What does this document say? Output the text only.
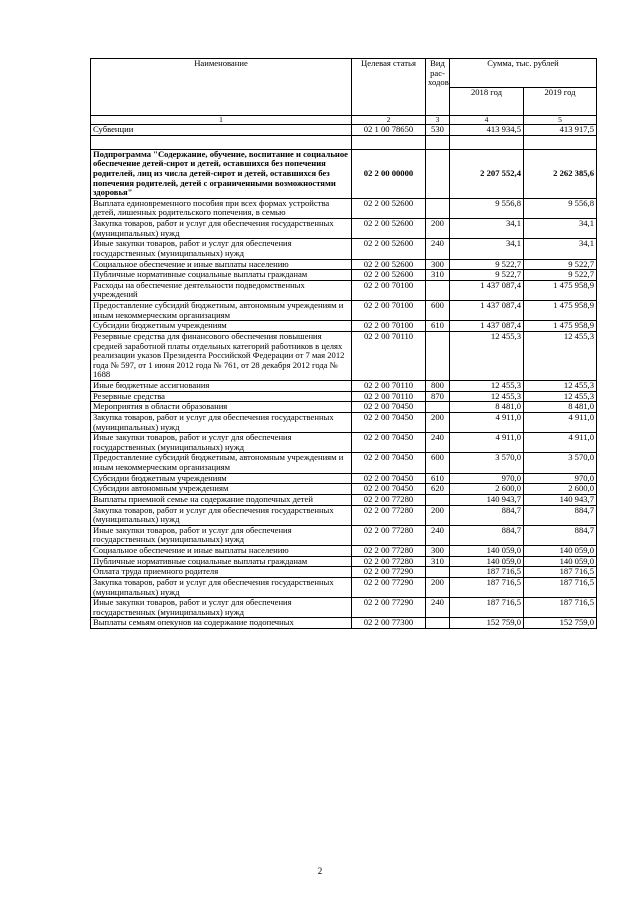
Наименование	Целевая статья	Вид рас-ходов	Сумма, тыс. рублей	
			2018 год	2019 год
1	2	3	4	5
Субвенции	02 1 00 78650	530	413 934,5	413 917,5

Подпрограмма "Содержание, обучение, воспитание и социальное обеспечение детей-сирот и детей, оставшихся без попечения родителей, лиц из числа детей-сирот и детей, оставшихся без попечения родителей, детей с ограниченными возможностями здоровья"	02 2 00 00000		2 207 552,4	2 262 385,6
Выплата единовременного пособия при всех формах устройства детей, лишенных родительского попечения, в семью	02 2 00 52600		9 556,8	9 556,8
Закупка товаров, работ и услуг для обеспечения государственных (муниципальных) нужд	02 2 00 52600	200	34,1	34,1
Иные закупки товаров, работ и услуг для обеспечения государственных (муниципальных) нужд	02 2 00 52600	240	34,1	34,1
Социальное обеспечение и иные выплаты населению	02 2 00 52600	300	9 522,7	9 522,7
Публичные нормативные социальные выплаты гражданам	02 2 00 52600	310	9 522,7	9 522,7
Расходы на обеспечение деятельности подведомственных учреждений	02 2 00 70100		1 437 087,4	1 475 958,9
Предоставление субсидий бюджетным, автономным учреждениям и иным некоммерческим организациям	02 2 00 70100	600	1 437 087,4	1 475 958,9
Субсидии бюджетным учреждениям	02 2 00 70100	610	1 437 087,4	1 475 958,9
Резервные средства для финансового обеспечения повышения средней заработной платы отдельных категорий работников в целях реализации указов Президента Российской Федерации от 7 мая 2012 года № 597, от 1 июня 2012 года № 761, от 28 декабря 2012 года № 1688	02 2 00 70110		12 455,3	12 455,3
Иные бюджетные ассигнования	02 2 00 70110	800	12 455,3	12 455,3
Резервные средства	02 2 00 70110	870	12 455,3	12 455,3
Мероприятия в области образования	02 2 00 70450		8 481,0	8 481,0
Закупка товаров, работ и услуг для обеспечения государственных (муниципальных) нужд	02 2 00 70450	200	4 911,0	4 911,0
Иные закупки товаров, работ и услуг для обеспечения государственных (муниципальных) нужд	02 2 00 70450	240	4 911,0	4 911,0
Предоставление субсидий бюджетным, автономным учреждениям и иным некоммерческим организациям	02 2 00 70450	600	3 570,0	3 570,0
Субсидии бюджетным учреждениям	02 2 00 70450	610	970,0	970,0
Субсидии автономным учреждениям	02 2 00 70450	620	2 600,0	2 600,0
Выплаты приемной семье на содержание подопечных детей	02 2 00 77280		140 943,7	140 943,7
Закупка товаров, работ и услуг для обеспечения государственных (муниципальных) нужд	02 2 00 77280	200	884,7	884,7
Иные закупки товаров, работ и услуг для обеспечения государственных (муниципальных) нужд	02 2 00 77280	240	884,7	884,7
Социальное обеспечение и иные выплаты населению	02 2 00 77280	300	140 059,0	140 059,0
Публичные нормативные социальные выплаты гражданам	02 2 00 77280	310	140 059,0	140 059,0
Оплата труда приемного родителя	02 2 00 77290		187 716,5	187 716,5
Закупка товаров, работ и услуг для обеспечения государственных (муниципальных) нужд	02 2 00 77290	200	187 716,5	187 716,5
Иные закупки товаров, работ и услуг для обеспечения государственных (муниципальных) нужд	02 2 00 77290	240	187 716,5	187 716,5
Выплаты семьям опекунов на содержание подопечных	02 2 00 77300		152 759,0	152 759,0
2
